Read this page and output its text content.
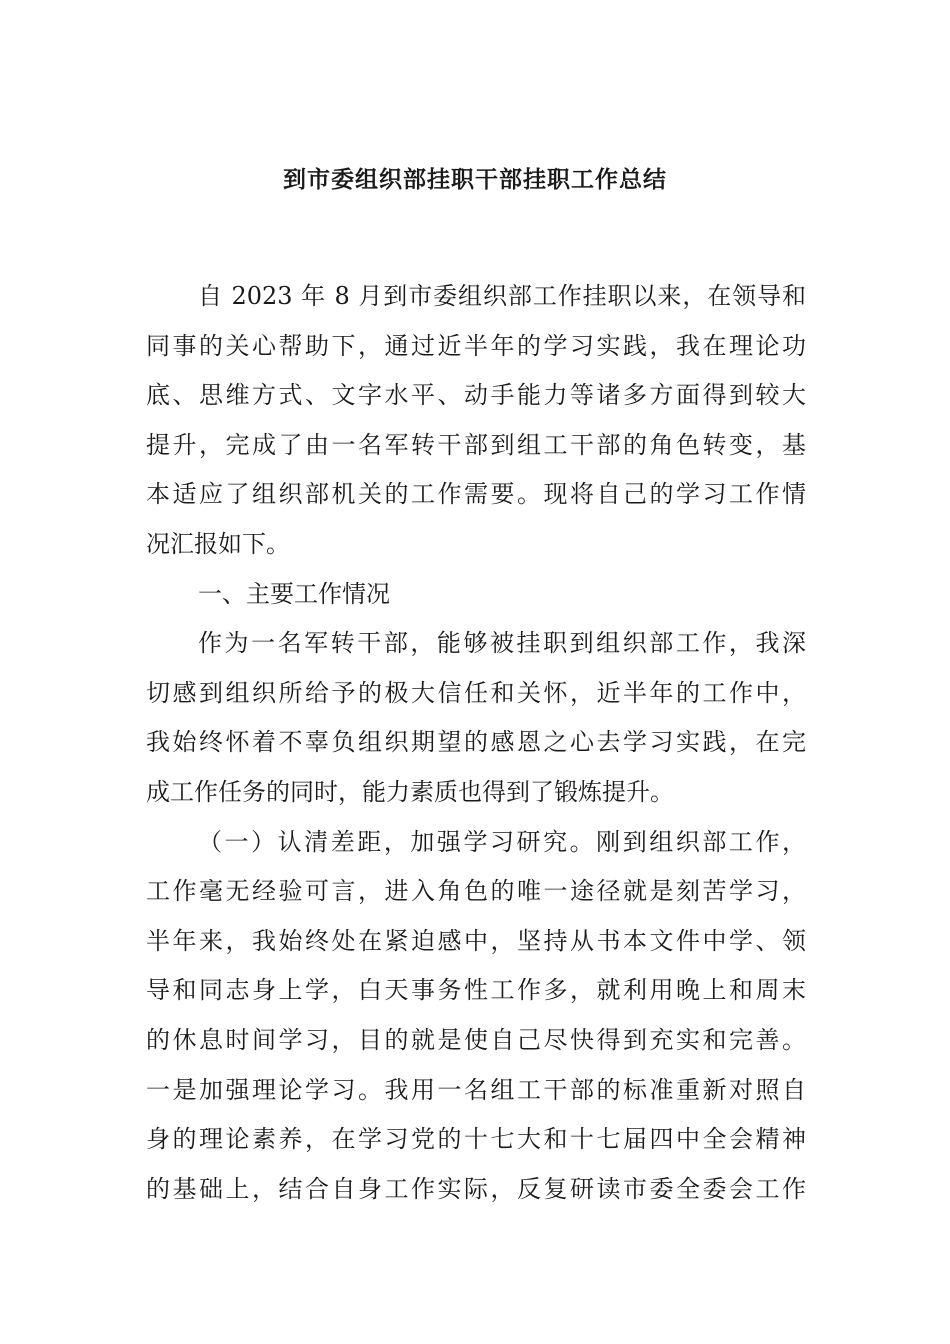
到市委组织部挂职干部挂职工作总结
自 2023 年 8 月到市委组织部工作挂职以来，在领导和
同事的关心帮助下，通过近半年的学习实践，我在理论功
底、思维方式、文字水平、动手能力等诸多方面得到较大
提升，完成了由一名军转干部到组工干部的角色转变，基
本适应了组织部机关的工作需要。现将自己的学习工作情
况汇报如下。
一、主要工作情况
作为一名军转干部，能够被挂职到组织部工作，我深
切感到组织所给予的极大信任和关怀，近半年的工作中，
我始终怀着不辜负组织期望的感恩之心去学习实践，在完
成工作任务的同时，能力素质也得到了锻炼提升。
（一）认清差距，加强学习研究。刚到组织部工作，
工作毫无经验可言，进入角色的唯一途径就是刻苦学习，
半年来，我始终处在紧迫感中，坚持从书本文件中学、领
导和同志身上学，白天事务性工作多，就利用晚上和周末
的休息时间学习，目的就是使自己尽快得到充实和完善。
一是加强理论学习。我用一名组工干部的标准重新对照自
身的理论素养，在学习党的十七大和十七届四中全会精神
的基础上，结合自身工作实际，反复研读市委全委会工作
